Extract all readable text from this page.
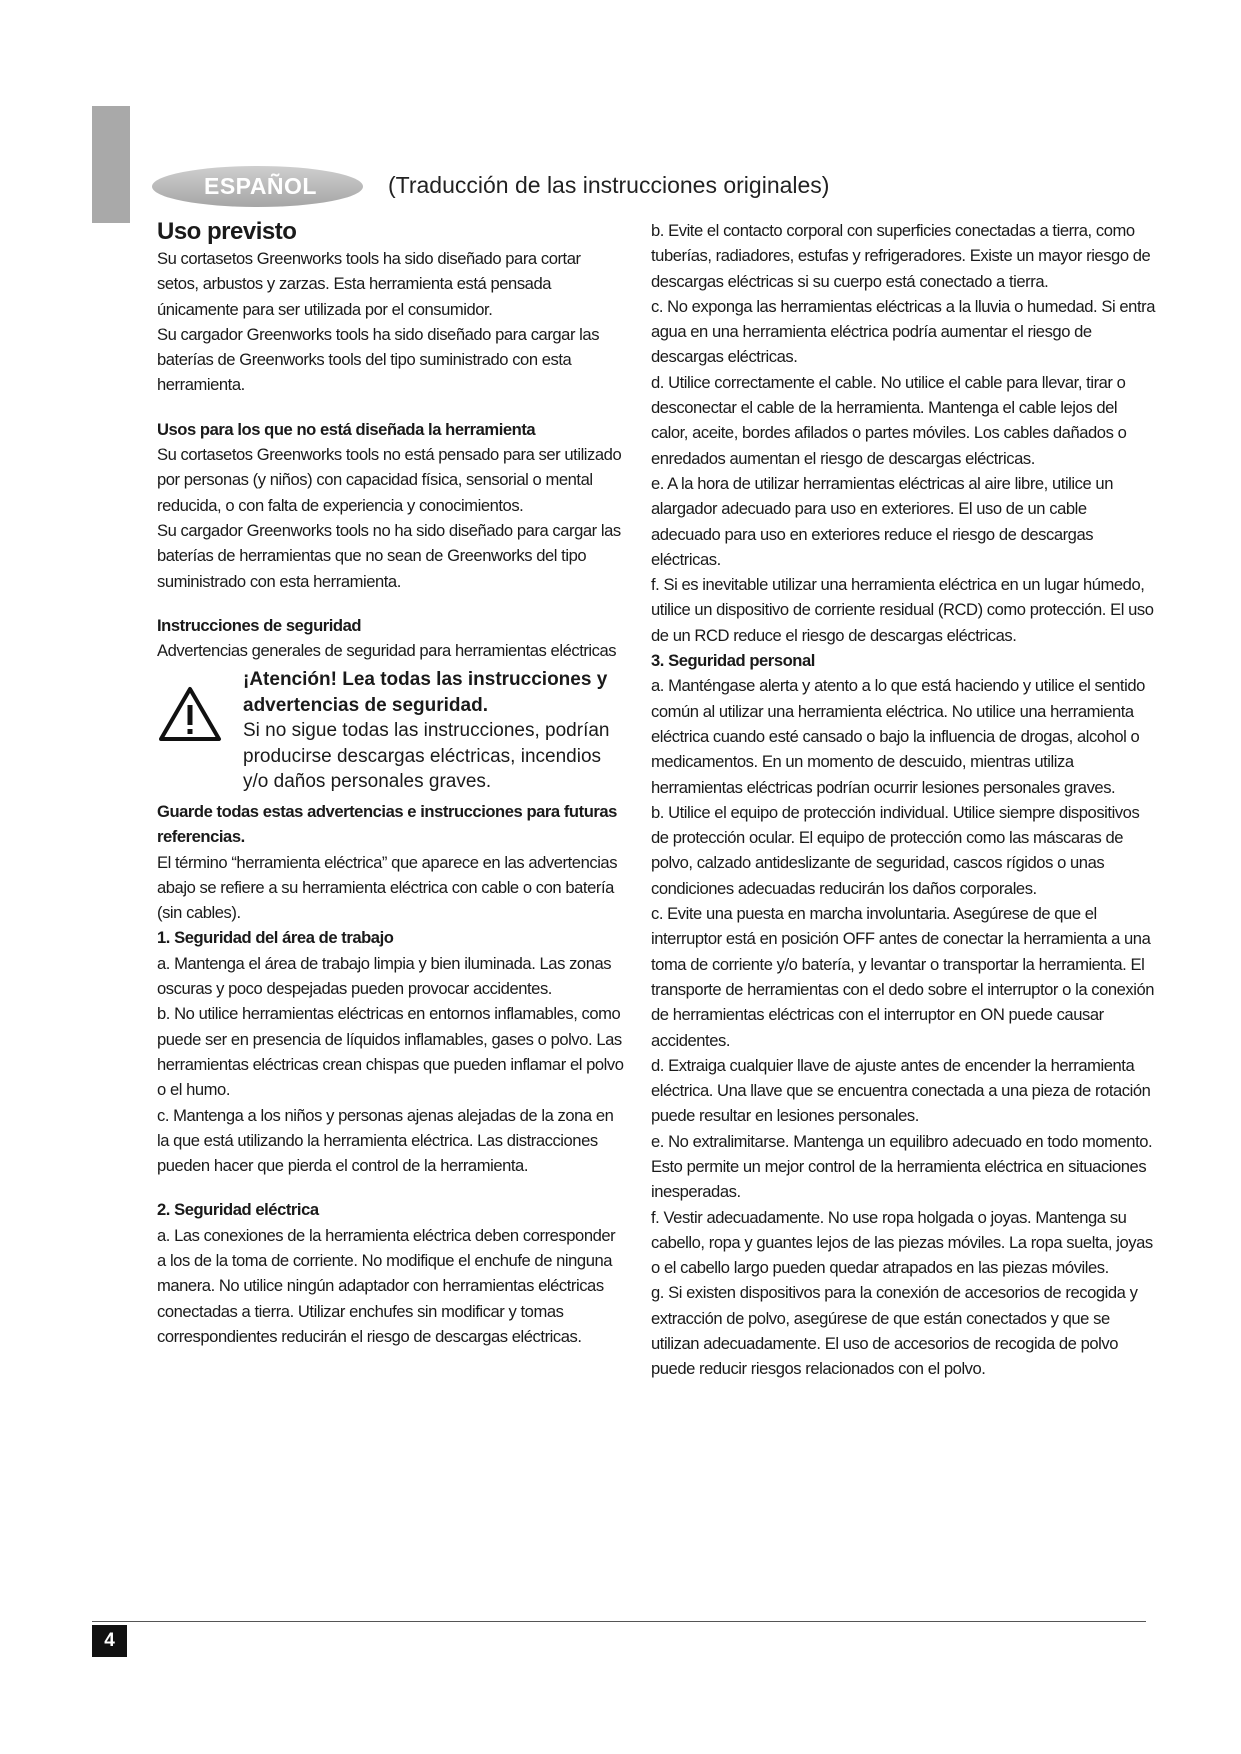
ESPAÑOL	(Traducción de las instrucciones originales)

Uso previsto

Su cortasetos Greenworks tools ha sido diseñado para cortar setos, arbustos y zarzas. Esta herramienta está pensada únicamente para ser utilizada por el consumidor.

Su cargador Greenworks tools ha sido diseñado para cargar las baterías de Greenworks tools del tipo suministrado con esta herramienta.

Usos para los que no está diseñada la herramienta

Su cortasetos Greenworks tools no está pensado para ser utilizado por personas (y niños) con capacidad física, sensorial o mental reducida, o con falta de experiencia y conocimientos.

Su cargador Greenworks tools no ha sido diseñado para cargar las baterías de herramientas que no sean de Greenworks del tipo suministrado con esta herramienta.

Instrucciones de seguridad

Advertencias generales de seguridad para herramientas eléctricas

¡Atención! Lea todas las instrucciones y advertencias de seguridad.
Si no sigue todas las instrucciones, podrían producirse descargas eléctricas, incendios y/o daños personales graves.

Guarde todas estas advertencias e instrucciones para futuras referencias.

El término “herramienta eléctrica” que aparece en las advertencias abajo se refiere a su herramienta eléctrica con cable o con batería (sin cables).

1. Seguridad del área de trabajo

a. Mantenga el área de trabajo limpia y bien iluminada. Las zonas oscuras y poco despejadas pueden provocar accidentes.

b. No utilice herramientas eléctricas en entornos inflamables, como puede ser en presencia de líquidos inflamables, gases o polvo. Las herramientas eléctricas crean chispas que pueden inflamar el polvo o el humo.

c. Mantenga a los niños y personas ajenas alejadas de la zona en la que está utilizando la herramienta eléctrica. Las distracciones pueden hacer que pierda el control de la herramienta.

2. Seguridad eléctrica

a. Las conexiones de la herramienta eléctrica deben corresponder a los de la toma de corriente. No modifique el enchufe de ninguna manera. No utilice ningún adaptador con herramientas eléctricas conectadas a tierra. Utilizar enchufes sin modificar y tomas correspondientes reducirán el riesgo de descargas eléctricas.

b. Evite el contacto corporal con superficies conectadas a tierra, como tuberías, radiadores, estufas y refrigeradores. Existe un mayor riesgo de descargas eléctricas si su cuerpo está conectado a tierra.

c. No exponga las herramientas eléctricas a la lluvia o humedad. Si entra agua en una herramienta eléctrica podría aumentar el riesgo de descargas eléctricas.

d. Utilice correctamente el cable. No utilice el cable para llevar, tirar o desconectar el cable de la herramienta. Mantenga el cable lejos del calor, aceite, bordes afilados o partes móviles. Los cables dañados o enredados aumentan el riesgo de descargas eléctricas.

e. A la hora de utilizar herramientas eléctricas al aire libre, utilice un alargador adecuado para uso en exteriores. El uso de un cable adecuado para uso en exteriores reduce el riesgo de descargas eléctricas.

f. Si es inevitable utilizar una herramienta eléctrica en un lugar húmedo, utilice un dispositivo de corriente residual (RCD) como protección. El uso de un RCD reduce el riesgo de descargas eléctricas.

3. Seguridad personal

a. Manténgase alerta y atento a lo que está haciendo y utilice el sentido común al utilizar una herramienta eléctrica. No utilice una herramienta eléctrica cuando esté cansado o bajo la influencia de drogas, alcohol o medicamentos. En un momento de descuido, mientras utiliza herramientas eléctricas podrían ocurrir lesiones personales graves.

b. Utilice el equipo de protección individual. Utilice siempre dispositivos de protección ocular. El equipo de protección como las máscaras de polvo, calzado antideslizante de seguridad, cascos rígidos o unas condiciones adecuadas reducirán los daños corporales.

c. Evite una puesta en marcha involuntaria. Asegúrese de que el interruptor está en posición OFF antes de conectar la herramienta a una toma de corriente y/o batería, y levantar o transportar la herramienta. El transporte de herramientas con el dedo sobre el interruptor o la conexión de herramientas eléctricas con el interruptor en ON puede causar accidentes.

d. Extraiga cualquier llave de ajuste antes de encender la herramienta eléctrica. Una llave que se encuentra conectada a una pieza de rotación puede resultar en lesiones personales.

e. No extralimitarse. Mantenga un equilibro adecuado en todo momento. Esto permite un mejor control de la herramienta eléctrica en situaciones inesperadas.

f. Vestir adecuadamente. No use ropa holgada o joyas. Mantenga su cabello, ropa y guantes lejos de las piezas móviles. La ropa suelta, joyas o el cabello largo pueden quedar atrapados en las piezas móviles.

g. Si existen dispositivos para la conexión de accesorios de recogida y extracción de polvo, asegúrese de que están conectados y que se utilizan adecuadamente. El uso de accesorios de recogida de polvo puede reducir riesgos relacionados con el polvo.

4
